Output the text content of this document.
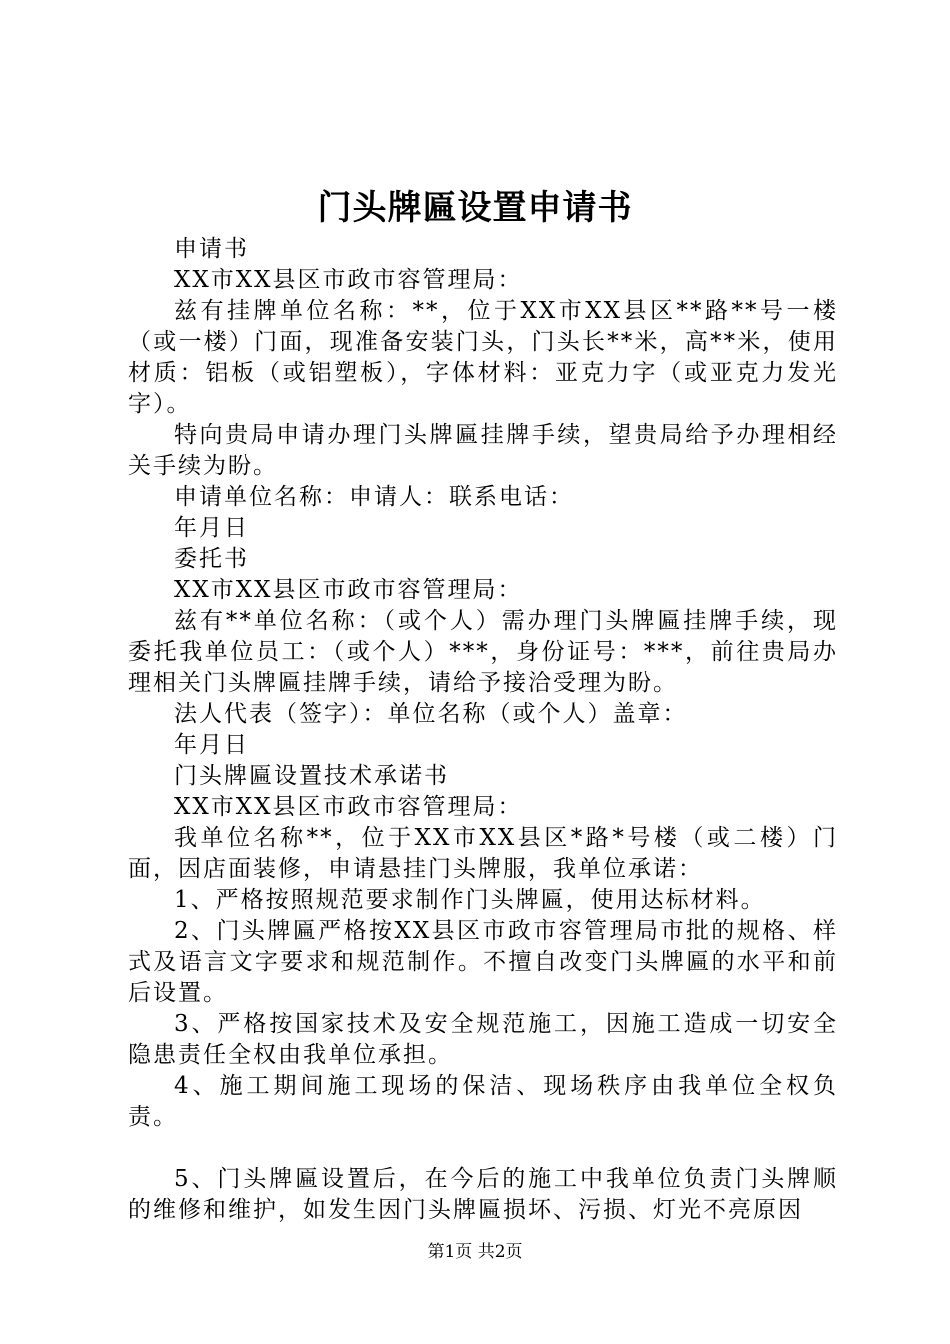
门头牌匾设置申请书

申请书

XX市XX县区市政市容管理局：

兹有挂牌单位名称：**，位于XX市XX县区**路**号一楼（或一楼）门面，现准备安装门头，门头长**米，高**米，使用材质：铝板（或铝塑板），字体材料：亚克力字（或亚克力发光字）。

特向贵局申请办理门头牌匾挂牌手续，望贵局给予办理相经关手续为盼。

申请单位名称：申请人：联系电话：

年月日

委托书

XX市XX县区市政市容管理局：

兹有**单位名称：（或个人）需办理门头牌匾挂牌手续，现委托我单位员工：（或个人）***，身份证号：***，前往贵局办理相关门头牌匾挂牌手续，请给予接洽受理为盼。

法人代表（签字）：单位名称（或个人）盖章：

年月日

门头牌匾设置技术承诺书

XX市XX县区市政市容管理局：

我单位名称**，位于XX市XX县区*路*号楼（或二楼）门面，因店面装修，申请悬挂门头牌服，我单位承诺：

1、严格按照规范要求制作门头牌匾，使用达标材料。

2、门头牌匾严格按XX县区市政市容管理局市批的规格、样式及语言文字要求和规范制作。不擅自改变门头牌匾的水平和前后设置。

3、严格按国家技术及安全规范施工，因施工造成一切安全隐患责任全权由我单位承担。

4、施工期间施工现场的保洁、现场秩序由我单位全权负责。

5、门头牌匾设置后，在今后的施工中我单位负责门头牌顺的维修和维护，如发生因门头牌匾损坏、污损、灯光不亮原因

第1页 共2页
